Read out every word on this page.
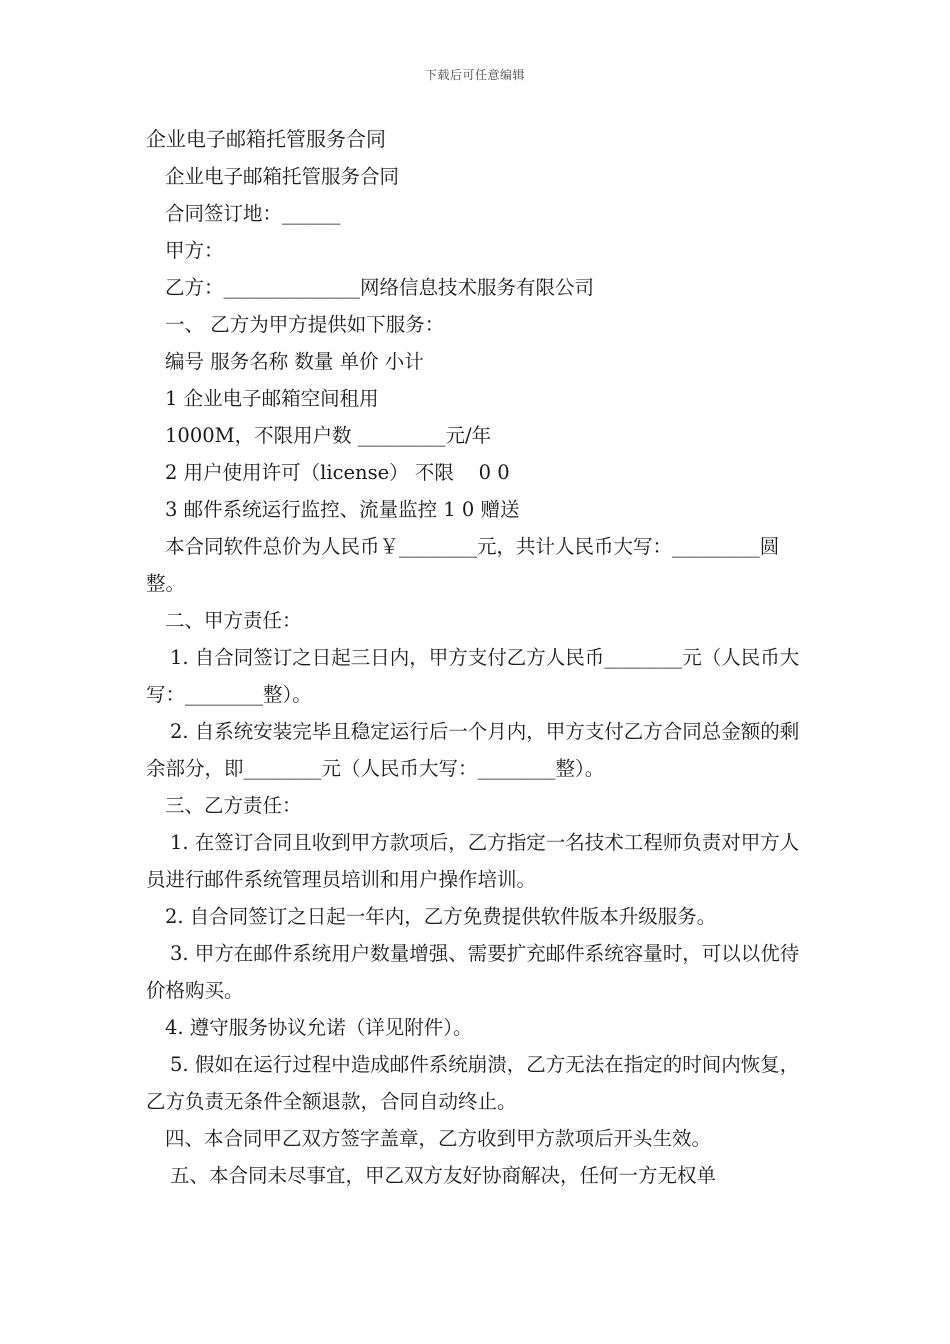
下载后可任意编辑

企业电子邮箱托管服务合同

企业电子邮箱托管服务合同

合同签订地：______

甲方：

乙方：______________网络信息技术服务有限公司

一、 乙方为甲方提供如下服务：

编号 服务名称 数量 单价 小计

1 企业电子邮箱空间租用

1000M，不限用户数 _________元/年

2 用户使用许可（license） 不限    0 0

3 邮件系统运行监控、流量监控 1 0 赠送

本合同软件总价为人民币￥________元，共计人民币大写：_________圆整。

二、甲方责任：

1. 自合同签订之日起三日内，甲方支付乙方人民币________元（人民币大写：________整）。

2. 自系统安装完毕且稳定运行后一个月内，甲方支付乙方合同总金额的剩余部分，即________元（人民币大写：________整）。

三、乙方责任：

1. 在签订合同且收到甲方款项后，乙方指定一名技术工程师负责对甲方人员进行邮件系统管理员培训和用户操作培训。

2. 自合同签订之日起一年内，乙方免费提供软件版本升级服务。

3. 甲方在邮件系统用户数量增强、需要扩充邮件系统容量时，可以以优待价格购买。

4. 遵守服务协议允诺（详见附件）。

5. 假如在运行过程中造成邮件系统崩溃，乙方无法在指定的时间内恢复，乙方负责无条件全额退款，合同自动终止。

四、本合同甲乙双方签字盖章，乙方收到甲方款项后开头生效。

五、本合同未尽事宜，甲乙双方友好协商解决，任何一方无权单
